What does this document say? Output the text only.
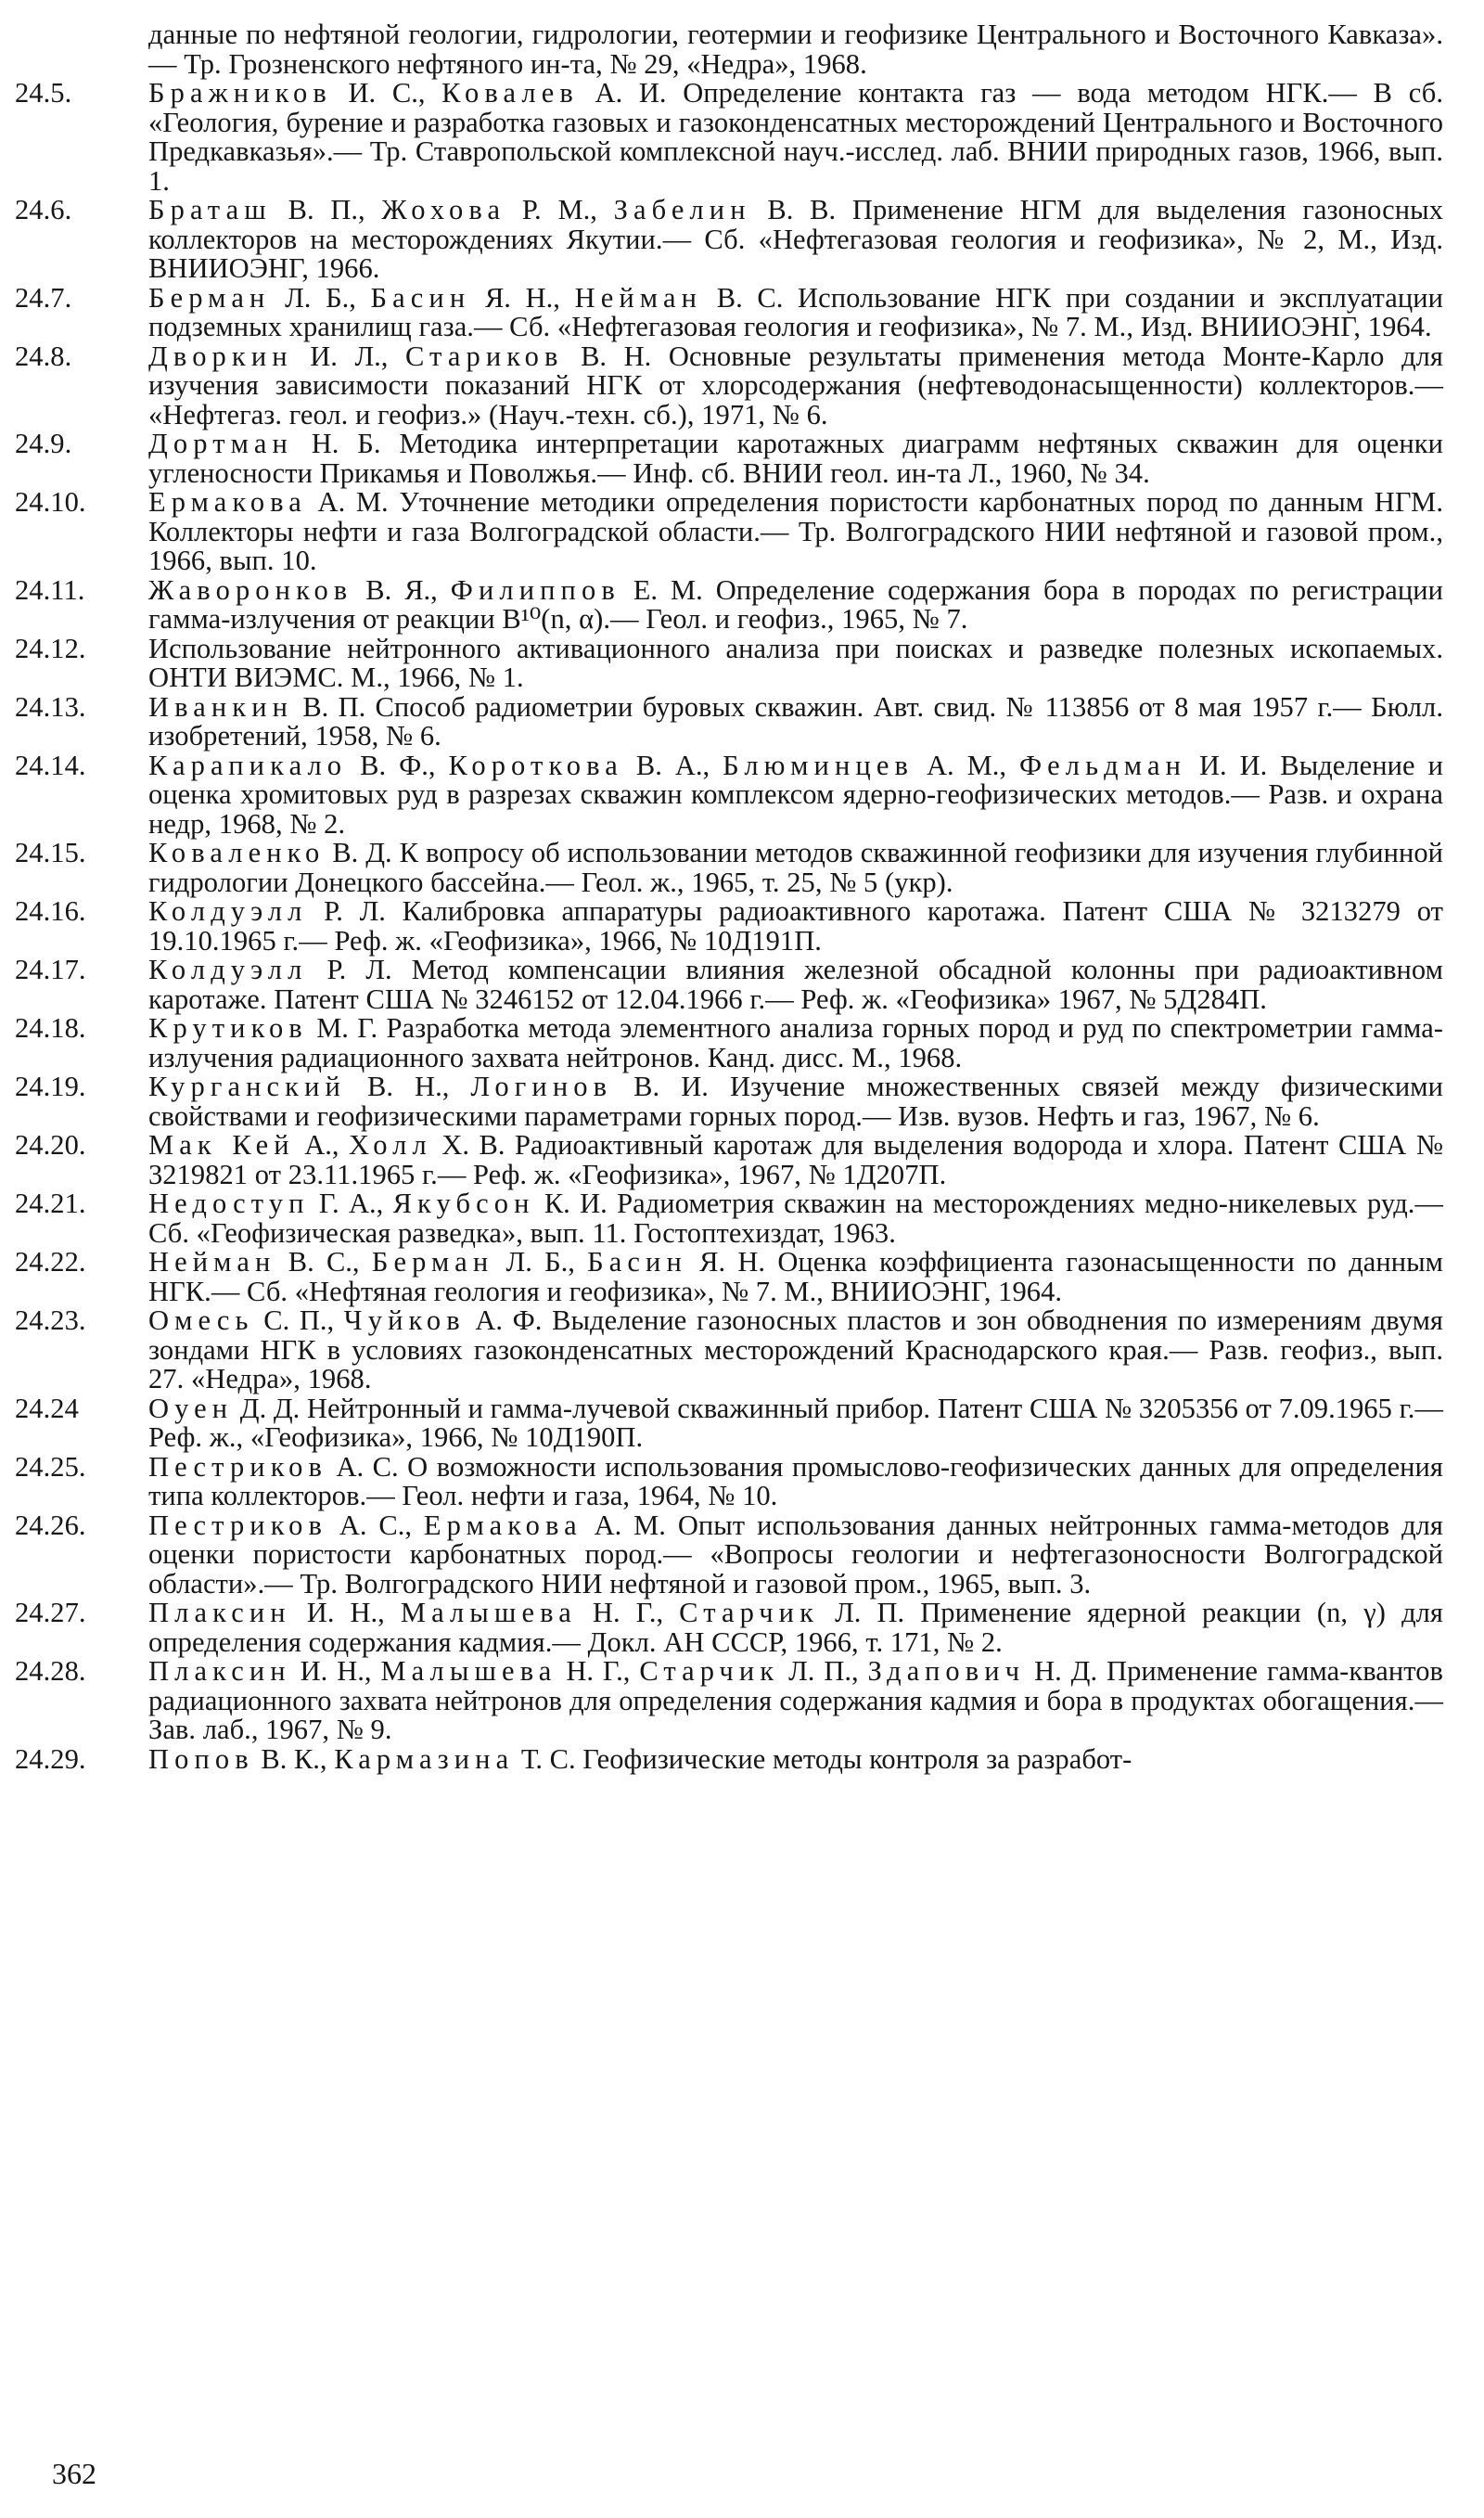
данные по нефтяной геологии, гидрологии, геотермии и геофизике Центрального и Восточного Кавказа».— Тр. Грозненского нефтяного ин-та, № 29, «Недра», 1968.

24.5.	Бражников И. С., Ковалев А. И. Определение контакта газ — вода методом НГК.— В сб. «Геология, бурение и разработка газовых и газоконденсатных месторождений Центрального и Восточного Предкавказья».— Тр. Ставропольской комплексной науч.-исслед. лаб. ВНИИ природных газов, 1966, вып. 1.

24.6.	Браташ В. П., Жохова Р. М., Забелин В. В. Применение НГМ для выделения газоносных коллекторов на месторождениях Якутии.— Сб. «Нефтегазовая геология и геофизика», № 2, М., Изд. ВНИИОЭНГ, 1966.

24.7.	Берман Л. Б., Басин Я. Н., Нейман В. С. Использование НГК при создании и эксплуатации подземных хранилищ газа.— Сб. «Нефтегазовая геология и геофизика», № 7. М., Изд. ВНИИОЭНГ, 1964.

24.8.	Дворкин И. Л., Стариков В. Н. Основные результаты применения метода Монте-Карло для изучения зависимости показаний НГК от хлорсодержания (нефтеводонасыщенности) коллекторов.— «Нефтегаз. геол. и геофиз.» (Науч.-техн. сб.), 1971, № 6.

24.9.	Дортман Н. Б. Методика интерпретации каротажных диаграмм нефтяных скважин для оценки угленосности Прикамья и Поволжья.— Инф. сб. ВНИИ геол. ин-та Л., 1960, № 34.

24.10.	Ермакова А. М. Уточнение методики определения пористости карбонатных пород по данным НГМ. Коллекторы нефти и газа Волгоградской области.— Тр. Волгоградского НИИ нефтяной и газовой пром., 1966, вып. 10.

24.11.	Жаворонков В. Я., Филиппов Е. М. Определение содержания бора в породах по регистрации гамма-излучения от реакции B¹⁰(n, α).— Геол. и геофиз., 1965, № 7.

24.12.	Использование нейтронного активационного анализа при поисках и разведке полезных ископаемых. ОНТИ ВИЭМС. М., 1966, № 1.

24.13.	Иванкин В. П. Способ радиометрии буровых скважин. Авт. свид. № 113856 от 8 мая 1957 г.— Бюлл. изобретений, 1958, № 6.

24.14.	Карапикало В. Ф., Короткова В. А., Блюминцев А. М., Фельдман И. И. Выделение и оценка хромитовых руд в разрезах скважин комплексом ядерно-геофизических методов.— Разв. и охрана недр, 1968, № 2.

24.15.	Коваленко В. Д. К вопросу об использовании методов скважинной геофизики для изучения глубинной гидрологии Донецкого бассейна.— Геол. ж., 1965, т. 25, № 5 (укр).

24.16.	Колдуэлл Р. Л. Калибровка аппаратуры радиоактивного каротажа. Патент США № 3213279 от 19.10.1965 г.— Реф. ж. «Геофизика», 1966, № 10Д191П.

24.17.	Колдуэлл Р. Л. Метод компенсации влияния железной обсадной колонны при радиоактивном каротаже. Патент США № 3246152 от 12.04.1966 г.— Реф. ж. «Геофизика» 1967, № 5Д284П.

24.18.	Крутиков М. Г. Разработка метода элементного анализа горных пород и руд по спектрометрии гамма-излучения радиационного захвата нейтронов. Канд. дисс. М., 1968.

24.19.	Курганский В. Н., Логинов В. И. Изучение множественных связей между физическими свойствами и геофизическими параметрами горных пород.— Изв. вузов. Нефть и газ, 1967, № 6.

24.20.	Мак Кей А., Холл Х. В. Радиоактивный каротаж для выделения водорода и хлора. Патент США № 3219821 от 23.11.1965 г.— Реф. ж. «Геофизика», 1967, № 1Д207П.

24.21.	Недоступ Г. А., Якубсон К. И. Радиометрия скважин на месторождениях медно-никелевых руд.— Сб. «Геофизическая разведка», вып. 11. Гостоптехиздат, 1963.

24.22.	Нейман В. С., Берман Л. Б., Басин Я. Н. Оценка коэффициента газонасыщенности по данным НГК.— Сб. «Нефтяная геология и геофизика», № 7. М., ВНИИОЭНГ, 1964.

24.23.	Омесь С. П., Чуйков А. Ф. Выделение газоносных пластов и зон обводнения по измерениям двумя зондами НГК в условиях газоконденсатных месторождений Краснодарского края.— Разв. геофиз., вып. 27. «Недра», 1968.

24.24	Оуен Д. Д. Нейтронный и гамма-лучевой скважинный прибор. Патент США № 3205356 от 7.09.1965 г.— Реф. ж., «Геофизика», 1966, № 10Д190П.

24.25.	Пестриков А. С. О возможности использования промыслово-геофизических данных для определения типа коллекторов.— Геол. нефти и газа, 1964, № 10.

24.26.	Пестриков А. С., Ермакова А. М. Опыт использования данных нейтронных гамма-методов для оценки пористости карбонатных пород.— «Вопросы геологии и нефтегазоносности Волгоградской области».— Тр. Волгоградского НИИ нефтяной и газовой пром., 1965, вып. 3.

24.27.	Плаксин И. Н., Малышева Н. Г., Старчик Л. П. Применение ядерной реакции (n, γ) для определения содержания кадмия.— Докл. АН СССР, 1966, т. 171, № 2.

24.28.	Плаксин И. Н., Малышева Н. Г., Старчик Л. П., Здапович Н. Д. Применение гамма-квантов радиационного захвата нейтронов для определения содержания кадмия и бора в продуктах обогащения.— Зав. лаб., 1967, № 9.

24.29.	Попов В. К., Кармазина Т. С. Геофизические методы контроля за разработ-

362
